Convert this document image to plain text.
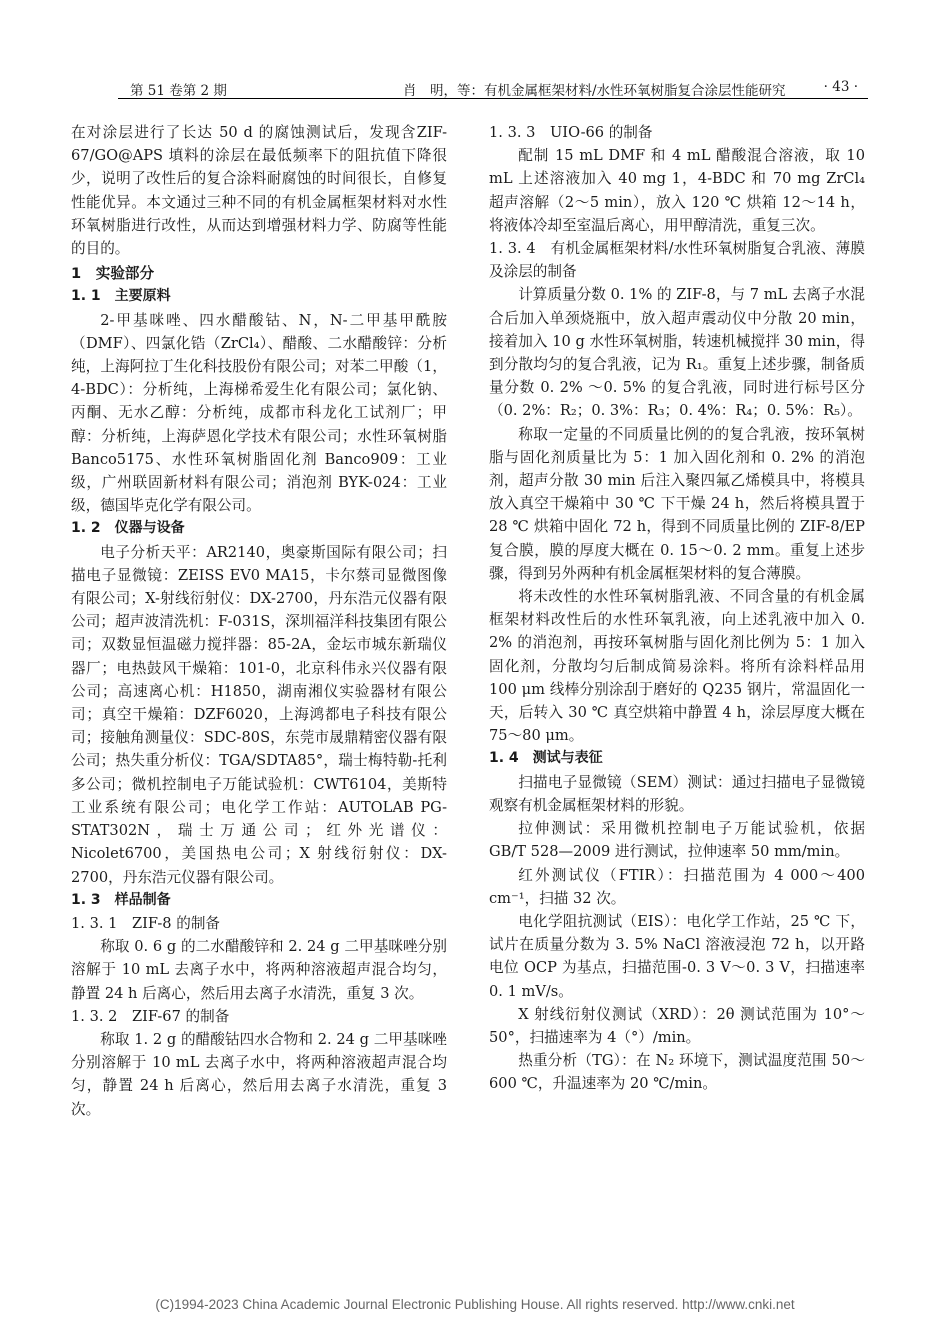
第 51 卷第 2 期	肖　明，等：有机金属框架材料/水性环氧树脂复合涂层性能研究	· 43 ·

在对涂层进行了长达 50 d 的腐蚀测试后，发现含ZIF-67/GO@APS 填料的涂层在最低频率下的阻抗值下降很少，说明了改性后的复合涂料耐腐蚀的时间很长，自修复性能优异。本文通过三种不同的有机金属框架材料对水性环氧树脂进行改性，从而达到增强材料力学、防腐等性能的目的。

1　实验部分

1. 1　主要原料

2-甲基咪唑、四水醋酸钴、N，N-二甲基甲酰胺（DMF）、四氯化锆（ZrCl₄）、醋酸、二水醋酸锌：分析纯，上海阿拉丁生化科技股份有限公司；对苯二甲酸（1，4-BDC）：分析纯，上海梯希爱生化有限公司；氯化钠、丙酮、无水乙醇：分析纯，成都市科龙化工试剂厂；甲醇：分析纯，上海萨恩化学技术有限公司；水性环氧树脂 Banco5175、水性环氧树脂固化剂 Banco909：工业级，广州联固新材料有限公司；消泡剂 BYK-024：工业级，德国毕克化学有限公司。

1. 2　仪器与设备

电子分析天平：AR2140，奥豪斯国际有限公司；扫描电子显微镜：ZEISS EV0 MA15，卡尔蔡司显微图像有限公司；X-射线衍射仪：DX-2700，丹东浩元仪器有限公司；超声波清洗机：F-031S，深圳福洋科技集团有限公司；双数显恒温磁力搅拌器：85-2A，金坛市城东新瑞仪器厂；电热鼓风干燥箱：101-0，北京科伟永兴仪器有限公司；高速离心机：H1850，湖南湘仪实验器材有限公司；真空干燥箱：DZF6020，上海鸿都电子科技有限公司；接触角测量仪：SDC-80S，东莞市晟鼎精密仪器有限公司；热失重分析仪：TGA/SDTA85°，瑞士梅特勒-托利多公司；微机控制电子万能试验机：CWT6104，美斯特工业系统有限公司；电化学工作站：AUTOLAB PG-STAT302N，瑞士万通公司；红外光谱仪：Nicolet6700，美国热电公司；X 射线衍射仪：DX-2700，丹东浩元仪器有限公司。

1. 3　样品制备

1. 3. 1　ZIF-8 的制备

称取 0. 6 g 的二水醋酸锌和 2. 24 g 二甲基咪唑分别溶解于 10 mL 去离子水中，将两种溶液超声混合均匀，静置 24 h 后离心，然后用去离子水清洗，重复 3 次。

1. 3. 2　ZIF-67 的制备

称取 1. 2 g 的醋酸钴四水合物和 2. 24 g 二甲基咪唑分别溶解于 10 mL 去离子水中，将两种溶液超声混合均匀，静置 24 h 后离心，然后用去离子水清洗，重复 3 次。

1. 3. 3　UIO-66 的制备

配制 15 mL DMF 和 4 mL 醋酸混合溶液，取 10 mL 上述溶液加入 40 mg 1，4-BDC 和 70 mg ZrCl₄ 超声溶解（2～5 min），放入 120 ℃ 烘箱 12～14 h，将液体冷却至室温后离心，用甲醇清洗，重复三次。

1. 3. 4　有机金属框架材料/水性环氧树脂复合乳液、薄膜及涂层的制备

计算质量分数 0. 1% 的 ZIF-8，与 7 mL 去离子水混合后加入单颈烧瓶中，放入超声震动仪中分散 20 min，接着加入 10 g 水性环氧树脂，转速机械搅拌 30 min，得到分散均匀的复合乳液，记为 R₁。重复上述步骤，制备质量分数 0. 2% ～0. 5% 的复合乳液，同时进行标号区分（0. 2%：R₂；0. 3%：R₃；0. 4%：R₄；0. 5%：R₅）。

称取一定量的不同质量比例的的复合乳液，按环氧树脂与固化剂质量比为 5：1 加入固化剂和 0. 2% 的消泡剂，超声分散 30 min 后注入聚四氟乙烯模具中，将模具放入真空干燥箱中 30 ℃ 下干燥 24 h，然后将模具置于 28 ℃ 烘箱中固化 72 h，得到不同质量比例的 ZIF-8/EP 复合膜，膜的厚度大概在 0. 15～0. 2 mm。重复上述步骤，得到另外两种有机金属框架材料的复合薄膜。

将未改性的水性环氧树脂乳液、不同含量的有机金属框架材料改性后的水性环氧乳液，向上述乳液中加入 0. 2% 的消泡剂，再按环氧树脂与固化剂比例为 5：1 加入固化剂，分散均匀后制成简易涂料。将所有涂料样品用 100 μm 线棒分别涂刮于磨好的 Q235 钢片，常温固化一天，后转入 30 ℃ 真空烘箱中静置 4 h，涂层厚度大概在 75～80 μm。

1. 4　测试与表征

扫描电子显微镜（SEM）测试：通过扫描电子显微镜观察有机金属框架材料的形貌。

拉伸测试：采用微机控制电子万能试验机，依据 GB/T 528—2009 进行测试，拉伸速率 50 mm/min。

红外测试仪（FTIR）：扫描范围为 4 000～400 cm⁻¹，扫描 32 次。

电化学阻抗测试（EIS）：电化学工作站，25 ℃ 下，试片在质量分数为 3. 5% NaCl 溶液浸泡 72 h，以开路电位 OCP 为基点，扫描范围-0. 3 V～0. 3 V，扫描速率 0. 1 mV/s。

X 射线衍射仪测试（XRD）：2θ 测试范围为 10°～50°，扫描速率为 4（°）/min。

热重分析（TG）：在 N₂ 环境下，测试温度范围 50～600 ℃，升温速率为 20 ℃/min。

(C)1994-2023 China Academic Journal Electronic Publishing House. All rights reserved. http://www.cnki.net
